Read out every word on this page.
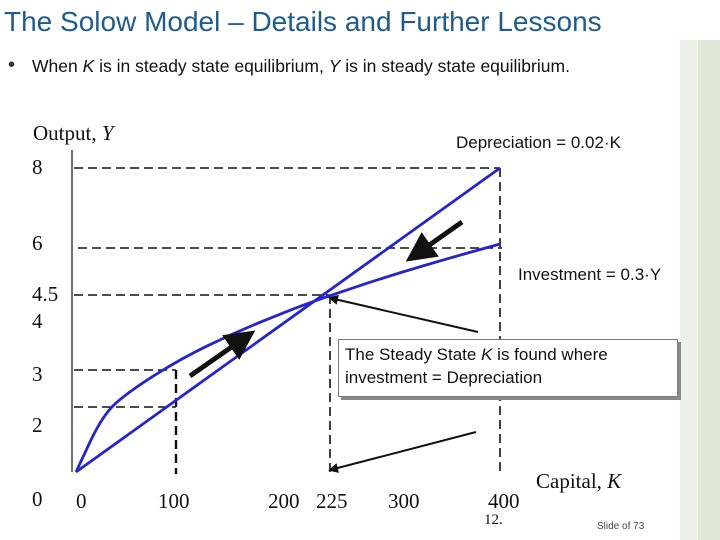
The Solow Model – Details and Further Lessons
• When K is in steady state equilibrium, Y is in steady state equilibrium.
Output, Y
Capital, K
Depreciation = 0.02·K
Investment = 0.3·Y
8
6
4.5
4
3
2
0 0	100	200 225 300	400
The Steady State K is found where investment = Depreciation
12.	Slide of 73
